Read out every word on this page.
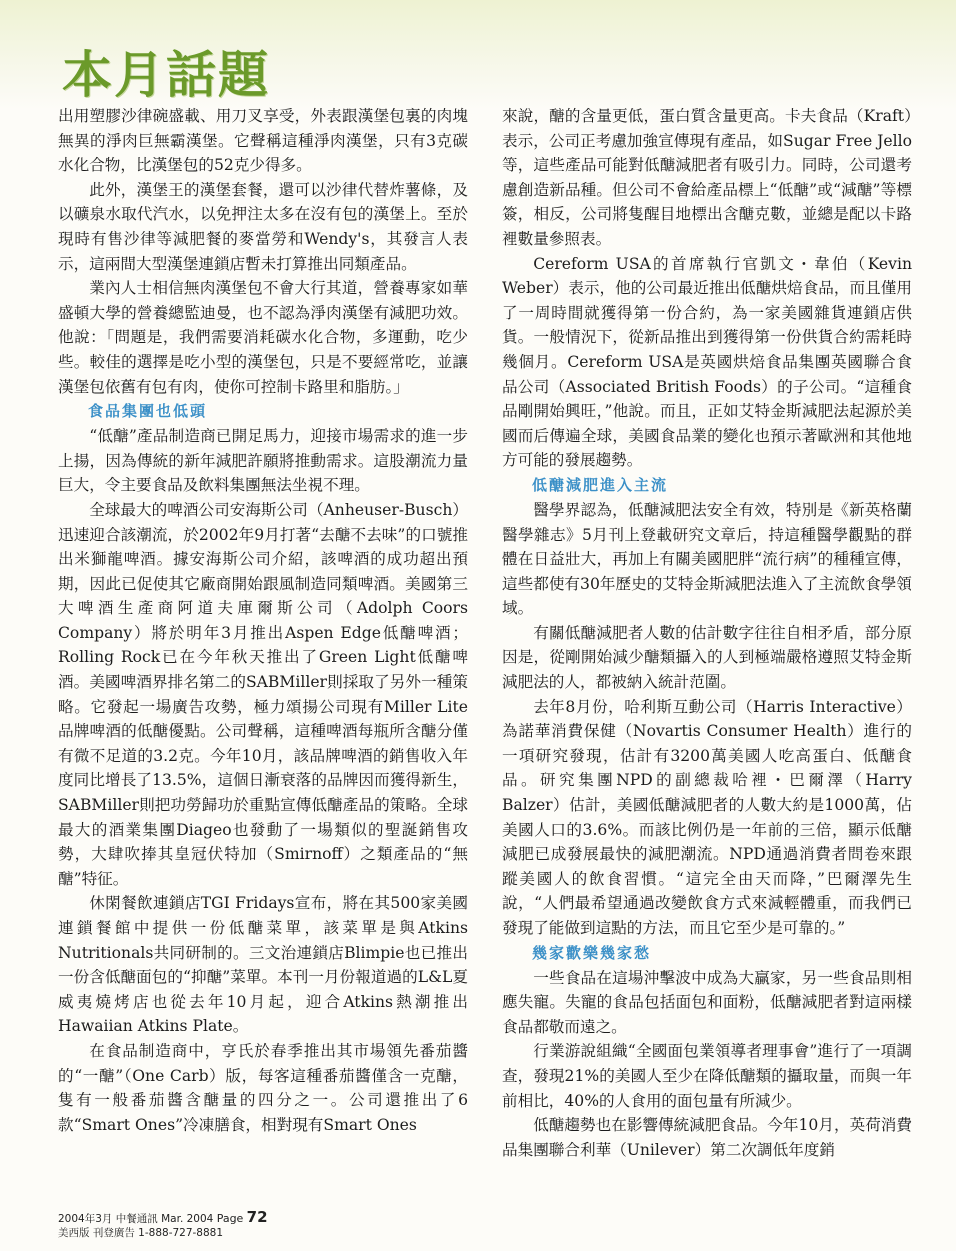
本月話題

出用塑膠沙律碗盛載、用刀叉享受，外表跟漢堡包裏的肉塊無異的淨肉巨無霸漢堡。它聲稱這種淨肉漢堡，只有3克碳水化合物，比漢堡包的52克少得多。

此外，漢堡王的漢堡套餐，還可以沙律代替炸薯條，及以礦泉水取代汽水，以免押注太多在沒有包的漢堡上。至於現時有售沙律等減肥餐的麥當勞和Wendy's，其發言人表示，這兩間大型漢堡連鎖店暫未打算推出同類產品。

業內人士相信無肉漢堡包不會大行其道，營養專家如華盛頓大學的營養總監迪曼，也不認為淨肉漢堡有減肥功效。他說：「問題是，我們需要消耗碳水化合物，多運動，吃少些。較佳的選擇是吃小型的漢堡包，只是不要經常吃，並讓漢堡包依舊有包有肉，使你可控制卡路里和脂肪。」

食品集團也低頭

“低醣”產品制造商已開足馬力，迎接市場需求的進一步上揚，因為傳統的新年減肥許願將推動需求。這股潮流力量巨大，令主要食品及飲料集團無法坐視不理。

全球最大的啤酒公司安海斯公司（Anheuser-Busch）迅速迎合該潮流，於2002年9月打著“去醣不去味”的口號推出米獅龍啤酒。據安海斯公司介紹，該啤酒的成功超出預期，因此已促使其它廠商開始跟風制造同類啤酒。美國第三大啤酒生產商阿道夫庫爾斯公司（Adolph Coors Company）將於明年3月推出Aspen Edge低醣啤酒；Rolling Rock已在今年秋天推出了Green Light低醣啤酒。美國啤酒界排名第二的SABMiller則採取了另外一種策略。它發起一場廣告攻勢，極力頌揚公司現有Miller Lite品牌啤酒的低醣優點。公司聲稱，這種啤酒每瓶所含醣分僅有微不足道的3.2克。今年10月，該品牌啤酒的銷售收入年度同比增長了13.5%，這個日漸衰落的品牌因而獲得新生，SABMiller則把功勞歸功於重點宣傳低醣產品的策略。全球最大的酒業集團Diageo也發動了一場類似的聖誕銷售攻勢，大肆吹捧其皇冠伏特加（Smirnoff）之類產品的“無醣”特征。

休閑餐飲連鎖店TGI Fridays宣布，將在其500家美國連鎖餐館中提供一份低醣菜單，該菜單是與Atkins Nutritionals共同研制的。三文治連鎖店Blimpie也已推出一份含低醣面包的“抑醣”菜單。本刊一月份報道過的L&L夏威夷燒烤店也從去年10月起，迎合Atkins熱潮推出Hawaiian Atkins Plate。

在食品制造商中，亨氏於春季推出其市場領先番茄醬的“一醣”（One Carb）版，每客這種番茄醬僅含一克醣，隻有一般番茄醬含醣量的四分之一。公司還推出了6款“Smart Ones”冷凍膳食，相對現有Smart Ones

來說，醣的含量更低，蛋白質含量更高。卡夫食品（Kraft）表示，公司正考慮加強宣傳現有產品，如Sugar Free Jello等，這些產品可能對低醣減肥者有吸引力。同時，公司還考慮創造新品種。但公司不會給產品標上“低醣”或“減醣”等標簽，相反，公司將隻醒目地標出含醣克數，並總是配以卡路裡數量參照表。

Cereform USA的首席執行官凱文・韋伯（Kevin Weber）表示，他的公司最近推出低醣烘焙食品，而且僅用了一周時間就獲得第一份合約，為一家美國雜貨連鎖店供貨。一般情況下，從新品推出到獲得第一份供貨合約需耗時幾個月。Cereform USA是英國烘焙食品集團英國聯合食品公司（Associated British Foods）的子公司。“這種食品剛開始興旺，”他說。而且，正如艾特金斯減肥法起源於美國而后傳遍全球，美國食品業的變化也預示著歐洲和其他地方可能的發展趨勢。

低醣減肥進入主流

醫學界認為，低醣減肥法安全有效，特別是《新英格蘭醫學雜志》5月刊上登載研究文章后，持這種醫學觀點的群體在日益壯大，再加上有關美國肥胖“流行病”的種種宣傳，這些都使有30年歷史的艾特金斯減肥法進入了主流飲食學領域。

有關低醣減肥者人數的估計數字往往自相矛盾，部分原因是，從剛開始減少醣類攝入的人到極端嚴格遵照艾特金斯減肥法的人，都被納入統計范圍。

去年8月份，哈利斯互動公司（Harris Interactive）為諾華消費保健（Novartis Consumer Health）進行的一項研究發現，估計有3200萬美國人吃高蛋白、低醣食品。研究集團NPD的副總裁哈裡・巴爾澤（Harry Balzer）估計，美國低醣減肥者的人數大約是1000萬，佔美國人口的3.6%。而該比例仍是一年前的三倍，顯示低醣減肥已成發展最快的減肥潮流。NPD通過消費者問卷來跟蹤美國人的飲食習慣。“這完全由天而降，”巴爾澤先生說，“人們最希望通過改變飲食方式來減輕體重，而我們已發現了能做到這點的方法，而且它至少是可靠的。”

幾家歡樂幾家愁

一些食品在這場沖擊波中成為大贏家，另一些食品則相應失寵。失寵的食品包括面包和面粉，低醣減肥者對這兩樣食品都敬而遠之。

行業游說組織“全國面包業領導者理事會”進行了一項調查，發現21%的美國人至少在降低醣類的攝取量，而與一年前相比，40%的人食用的面包量有所減少。

低醣趨勢也在影響傳統減肥食品。今年10月，英荷消費品集團聯合利華（Unilever）第二次調低年度銷

2004年3月 中餐通訊 Mar. 2004 Page 72
美西版 刊登廣告 1-888-727-8881
